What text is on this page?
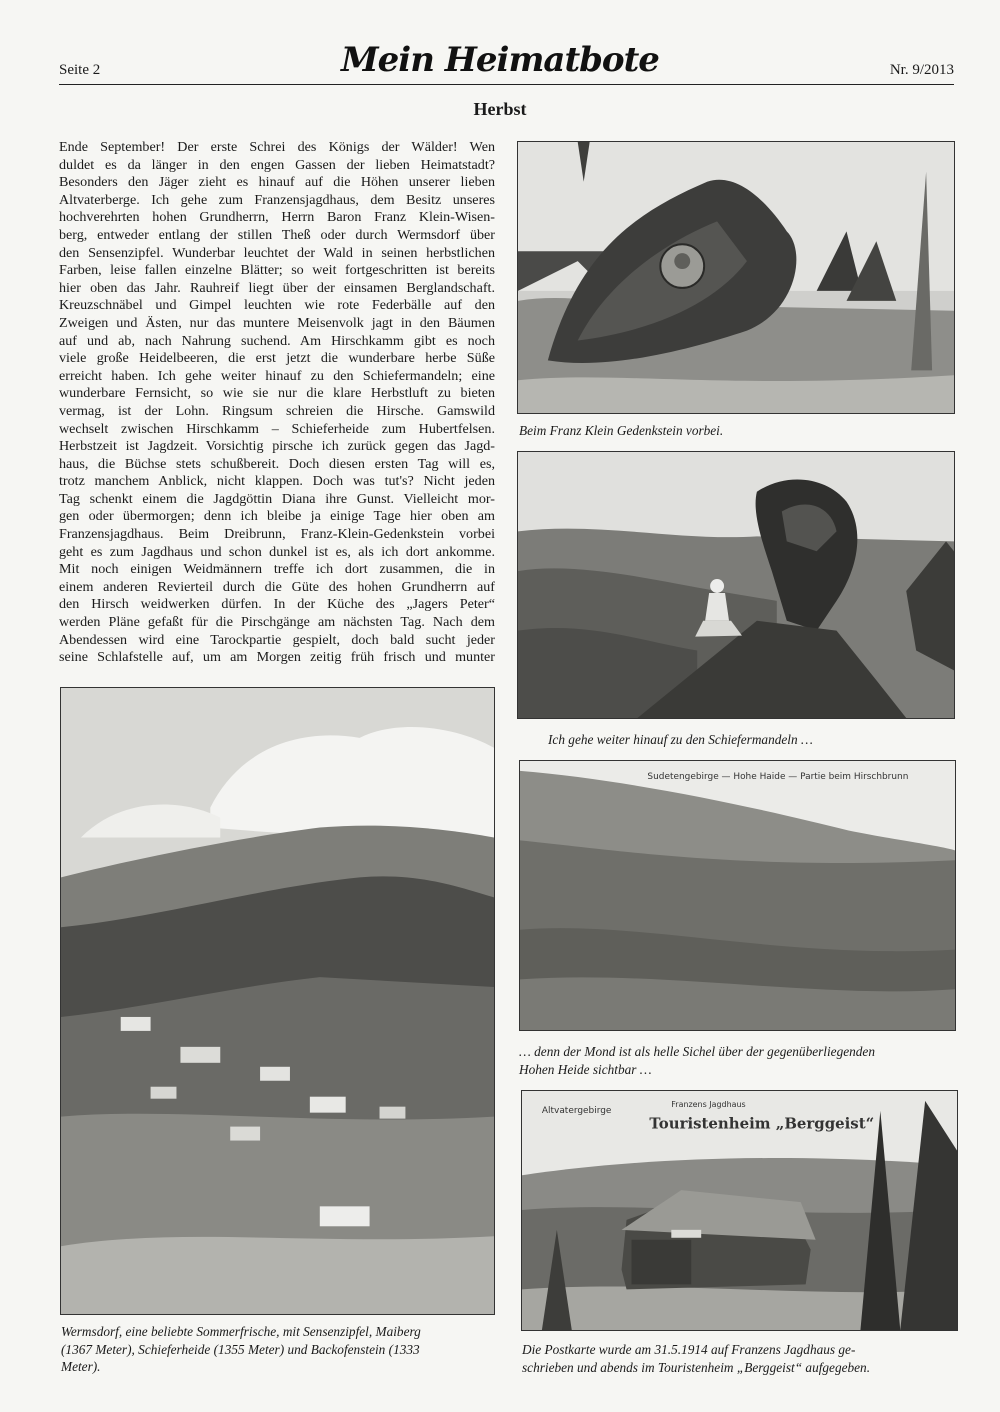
Seite 2	Mein Heimatbote	Nr. 9/2013
Herbst
Ende September! Der erste Schrei des Königs der Wälder! Wen
duldet es da länger in den engen Gassen der lieben Heimatstadt?
Besonders den Jäger zieht es hinauf auf die Höhen unserer lieben
Altvaterberge. Ich gehe zum Franzensjagdhaus, dem Besitz unseres
hochverehrten hohen Grundherrn, Herrn Baron Franz Klein-Wisen-
berg, entweder entlang der stillen Theß oder durch Wermsdorf über
den Sensenzipfel. Wunderbar leuchtet der Wald in seinen herbstlichen
Farben, leise fallen einzelne Blätter; so weit fortgeschritten ist bereits
hier oben das Jahr. Rauhreif liegt über der einsamen Berglandschaft.
Kreuzschnäbel und Gimpel leuchten wie rote Federbälle auf den
Zweigen und Ästen, nur das muntere Meisenvolk jagt in den Bäumen
auf und ab, nach Nahrung suchend. Am Hirschkamm gibt es noch
viele große Heidelbeeren, die erst jetzt die wunderbare herbe Süße
erreicht haben. Ich gehe weiter hinauf zu den Schiefermandeln; eine
wunderbare Fernsicht, so wie sie nur die klare Herbstluft zu bieten
vermag, ist der Lohn. Ringsum schreien die Hirsche. Gamswild
wechselt zwischen Hirschkamm – Schieferheide zum Hubertfelsen.
Herbstzeit ist Jagdzeit. Vorsichtig pirsche ich zurück gegen das Jagd-
haus, die Büchse stets schußbereit. Doch diesen ersten Tag will es,
trotz manchem Anblick, nicht klappen. Doch was tut's? Nicht jeden
Tag schenkt einem die Jagdgöttin Diana ihre Gunst. Vielleicht mor-
gen oder übermorgen; denn ich bleibe ja einige Tage hier oben am
Franzensjagdhaus. Beim Dreibrunn, Franz-Klein-Gedenkstein vorbei
geht es zum Jagdhaus und schon dunkel ist es, als ich dort ankomme.
Mit noch einigen Weidmännern treffe ich dort zusammen, die in
einem anderen Revierteil durch die Güte des hohen Grundherrn auf
den Hirsch weidwerken dürfen. In der Küche des „Jagers Peter“
werden Pläne gefaßt für die Pirschgänge am nächsten Tag. Nach dem
Abendessen wird eine Tarockpartie gespielt, doch bald sucht jeder
seine Schlafstelle auf, um am Morgen zeitig früh frisch und munter
Beim Franz Klein Gedenkstein vorbei.
Ich gehe weiter hinauf zu den Schiefermandeln …
Sudetengebirge — Hohe Haide — Partie beim Hirschbrunn
… denn der Mond ist als helle Sichel über der gegenüberliegenden
Hohen Heide sichtbar …
Altvatergebirge
Franzens Jagdhaus
Touristenheim „Berggeist“
Die Postkarte wurde am 31.5.1914 auf Franzens Jagdhaus ge-
schrieben und abends im Touristenheim „Berggeist“ aufgegeben.
Wermsdorf, eine beliebte Sommerfrische, mit Sensenzipfel, Maiberg
(1367 Meter), Schieferheide (1355 Meter) und Backofenstein (1333
Meter).
